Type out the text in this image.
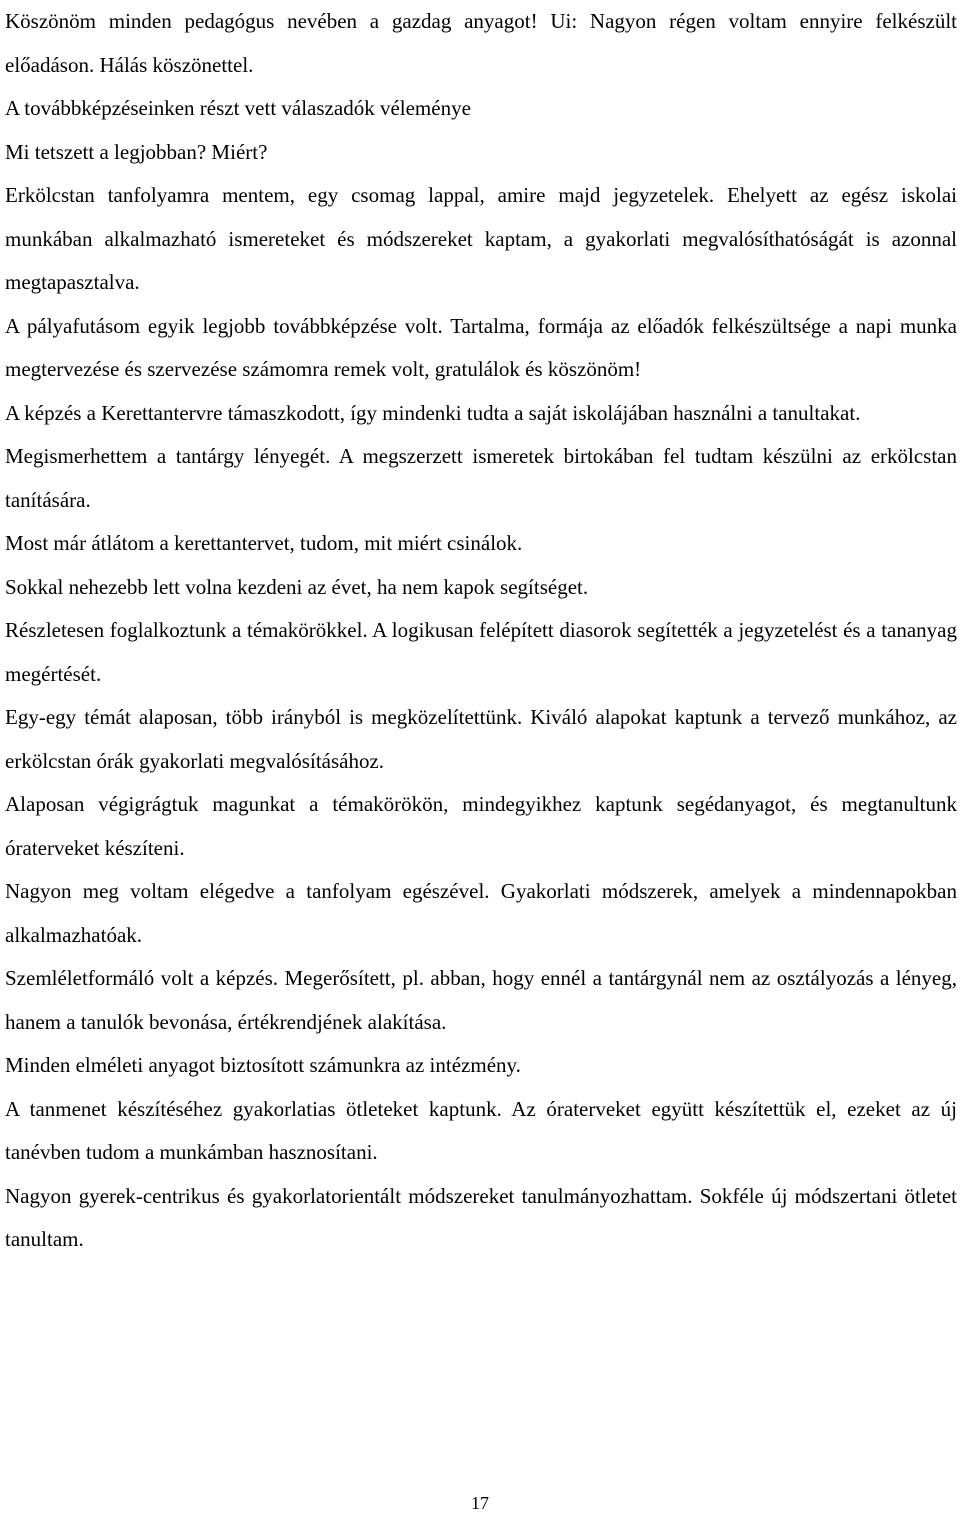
Köszönöm minden pedagógus nevében a gazdag anyagot! Ui: Nagyon régen voltam ennyire felkészült előadáson. Hálás köszönettel.

A továbbképzéseinken részt vett válaszadók véleménye

Mi tetszett a legjobban? Miért?

Erkölcstan tanfolyamra mentem, egy csomag lappal, amire majd jegyzetelek. Ehelyett az egész iskolai munkában alkalmazható ismereteket és módszereket kaptam, a gyakorlati megvalósíthatóságát is azonnal megtapasztalva.

A pályafutásom egyik legjobb továbbképzése volt. Tartalma, formája az előadók felkészültsége a napi munka megtervezése és szervezése számomra remek volt, gratulálok és köszönöm!

A képzés a Kerettantervre támaszkodott, így mindenki tudta a saját iskolájában használni a tanultakat.

Megismerhettem a tantárgy lényegét. A megszerzett ismeretek birtokában fel tudtam készülni az erkölcstan tanítására.

Most már átlátom a kerettantervet, tudom, mit miért csinálok.

Sokkal nehezebb lett volna kezdeni az évet, ha nem kapok segítséget.

Részletesen foglalkoztunk a témakörökkel. A logikusan felépített diasorok segítették a jegyzetelést és a tananyag megértését.

Egy-egy témát alaposan, több irányból is megközelítettünk. Kiváló alapokat kaptunk a tervező munkához, az erkölcstan órák gyakorlati megvalósításához.

Alaposan végigrágtuk magunkat a témakörökön, mindegyikhez kaptunk segédanyagot, és megtanultunk óraterveket készíteni.

Nagyon meg voltam elégedve a tanfolyam egészével. Gyakorlati módszerek, amelyek a mindennapokban alkalmazhatóak.

Szemléletformáló volt a képzés. Megerősített, pl. abban, hogy ennél a tantárgynál nem az osztályozás a lényeg, hanem a tanulók bevonása, értékrendjének alakítása.

Minden elméleti anyagot biztosított számunkra az intézmény.

A tanmenet készítéséhez gyakorlatias ötleteket kaptunk. Az óraterveket együtt készítettük el, ezeket az új tanévben tudom a munkámban hasznosítani.

Nagyon gyerek-centrikus és gyakorlatorientált módszereket tanulmányozhattam. Sokféle új módszertani ötletet tanultam.

17
